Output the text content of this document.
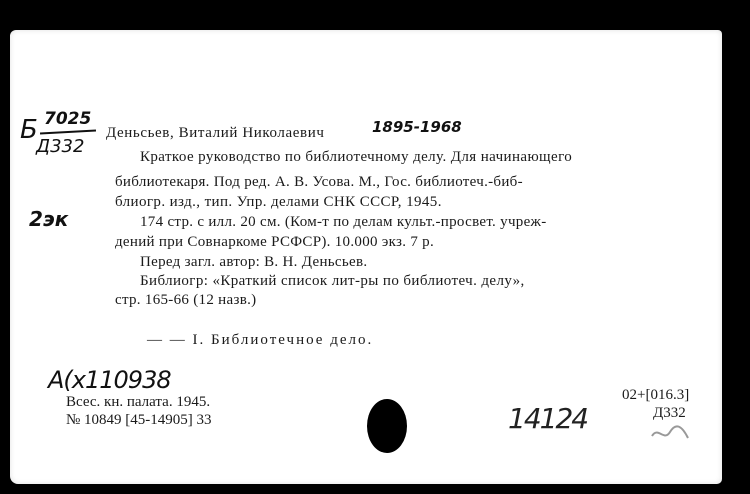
Б 7025
Д332
2эк
Деньсьев, Виталий Николаевич	1895-1968
Краткое руководство по библиотечному делу. Для начинающего
библиотекаря. Под ред. А. В. Усова. М., Гос. библиотеч.-биб-
блиогр. изд., тип. Упр. делами СНК СССР, 1945.
174 стр. с илл. 20 см. (Ком-т по делам культ.-просвет. учреж-
дений при Совнаркоме РСФСР). 10.000 экз. 7 р.
Перед загл. автор: В. Н. Деньсьев.
Библиогр: «Краткий список лит-ры по библиотеч. делу»,
стр. 165-66 (12 назв.)
— — I. Библиотечное дело.
А(x110938
Всес. кн. палата. 1945.
№ 10849 [45-14905] 33	14124
02+[016.3]
Д332
